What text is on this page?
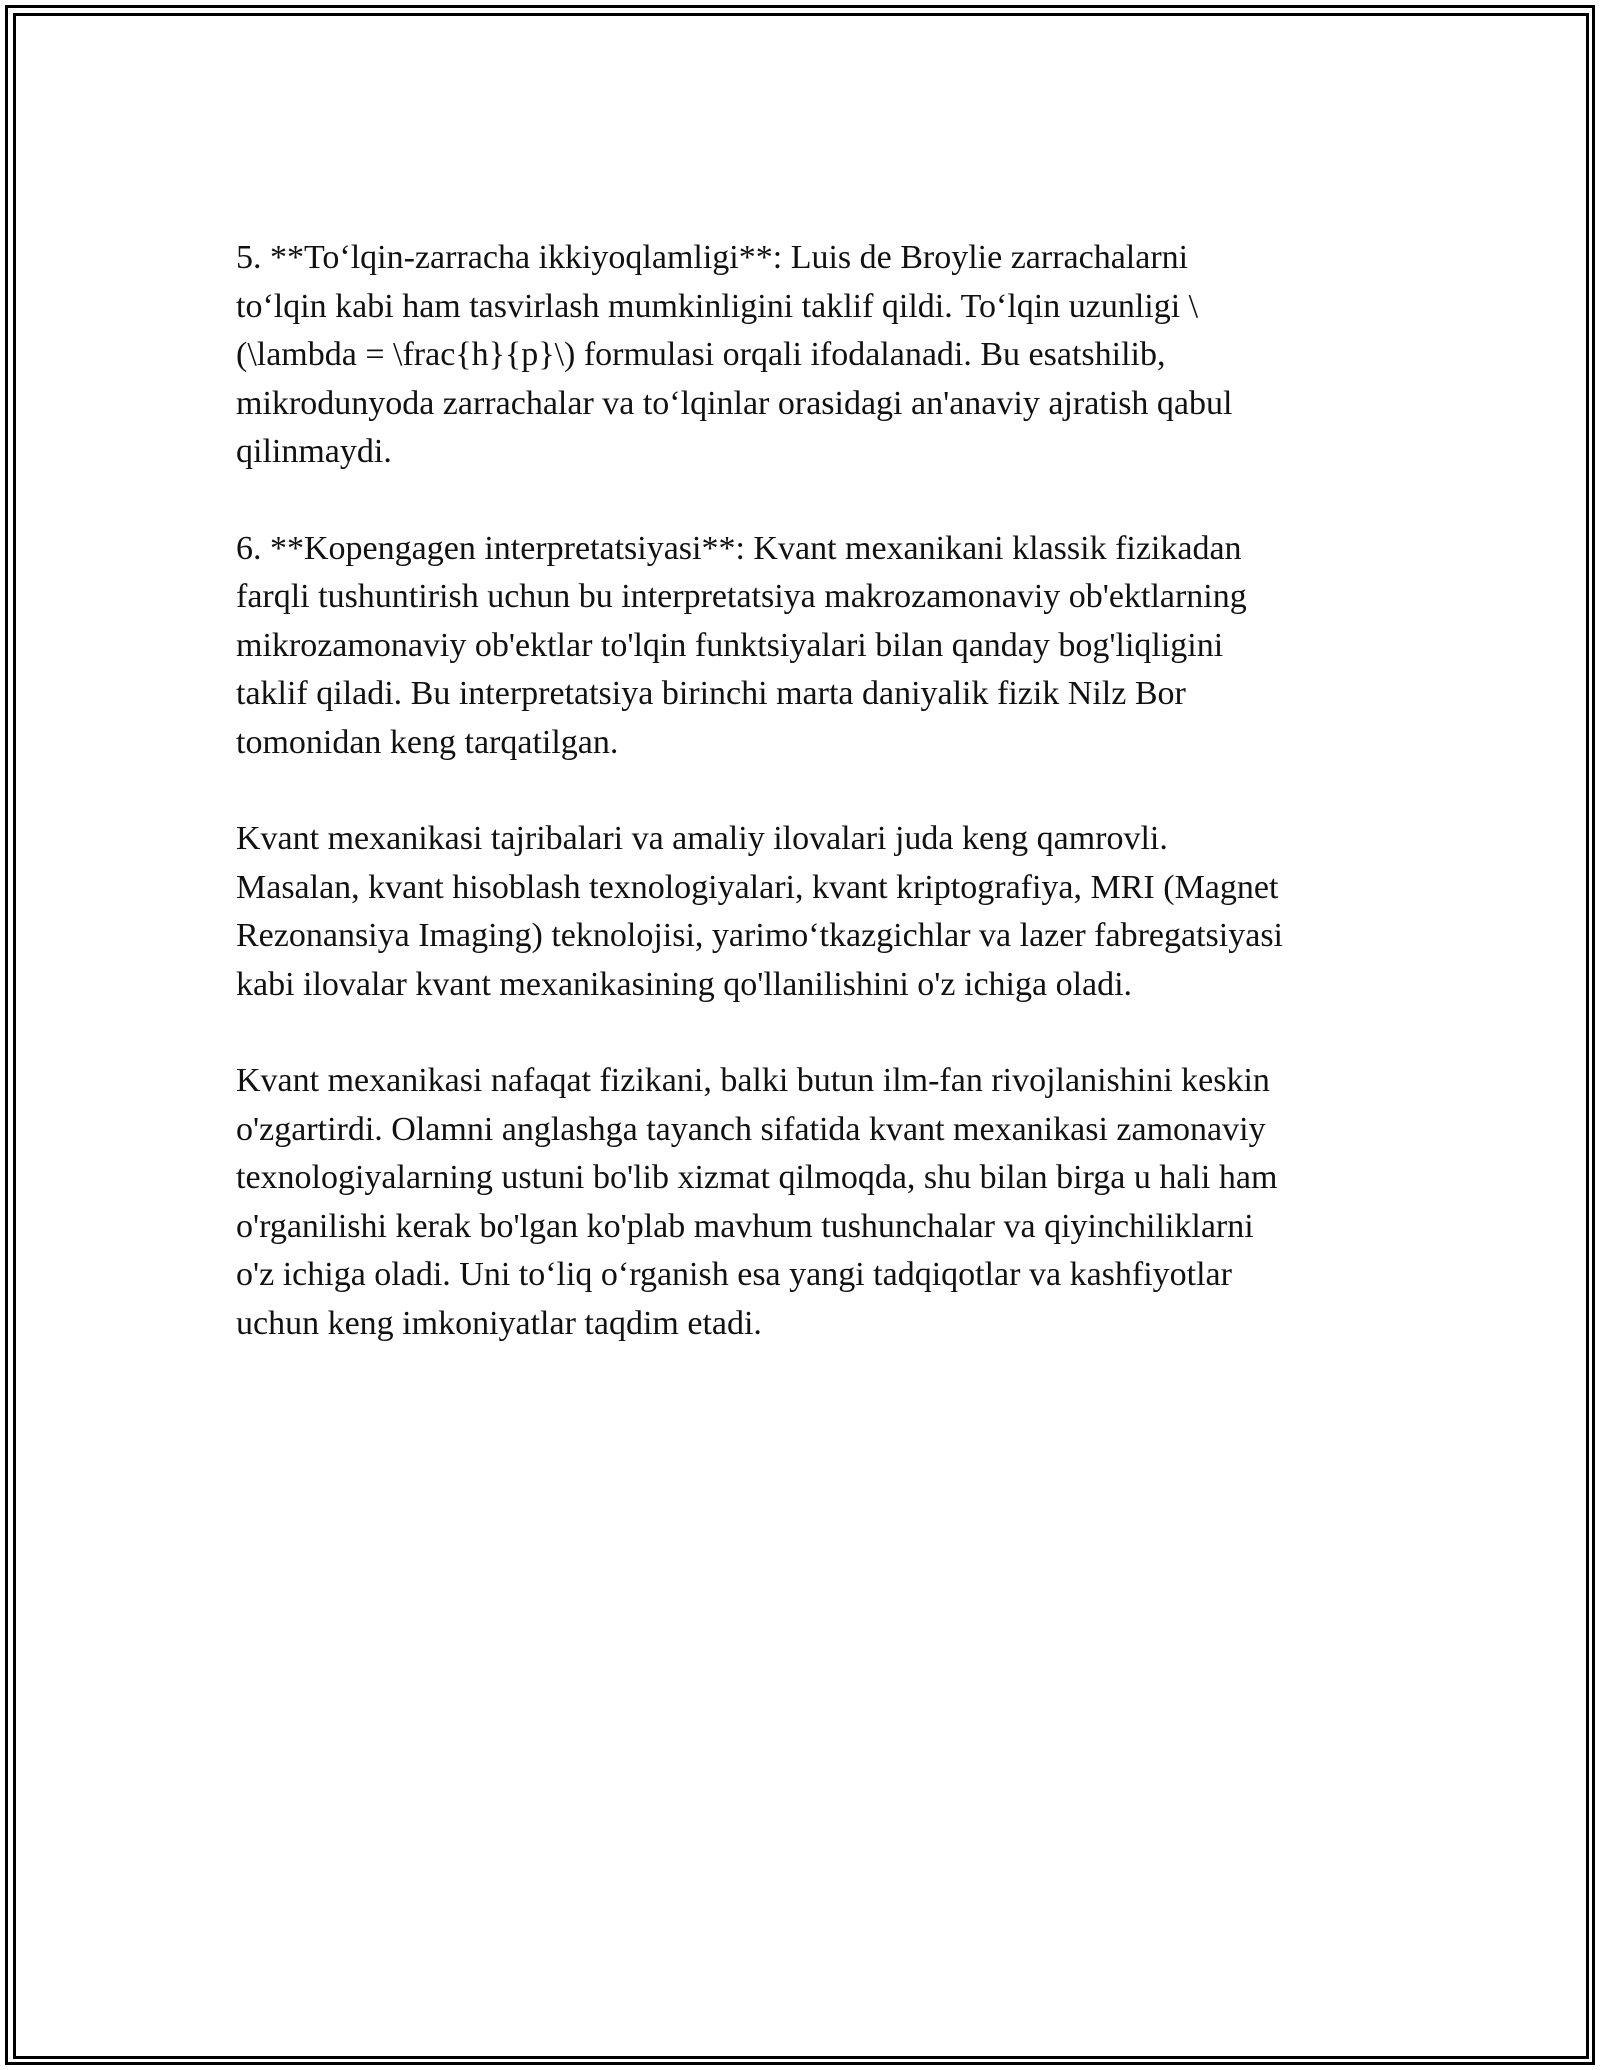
5. **To‘lqin-zarracha ikkiyoqlamligi**: Luis de Broylie zarrachalarni
to‘lqin kabi ham tasvirlash mumkinligini taklif qildi. To‘lqin uzunligi \
(\lambda = \frac{h}{p}\) formulasi orqali ifodalanadi. Bu esatshilib,
mikrodunyoda zarrachalar va to‘lqinlar orasidagi an'anaviy ajratish qabul
qilinmaydi.

6. **Kopengagen interpretatsiyasi**: Kvant mexanikani klassik fizikadan
farqli tushuntirish uchun bu interpretatsiya makrozamonaviy ob'ektlarning
mikrozamonaviy ob'ektlar to'lqin funktsiyalari bilan qanday bog'liqligini
taklif qiladi. Bu interpretatsiya birinchi marta daniyalik fizik Nilz Bor
tomonidan keng tarqatilgan.

Kvant mexanikasi tajribalari va amaliy ilovalari juda keng qamrovli.
Masalan, kvant hisoblash texnologiyalari, kvant kriptografiya, MRI (Magnet
Rezonansiya Imaging) teknolojisi, yarimo‘tkazgichlar va lazer fabregatsiyasi
kabi ilovalar kvant mexanikasining qo'llanilishini o'z ichiga oladi.

Kvant mexanikasi nafaqat fizikani, balki butun ilm-fan rivojlanishini keskin
o'zgartirdi. Olamni anglashga tayanch sifatida kvant mexanikasi zamonaviy
texnologiyalarning ustuni bo'lib xizmat qilmoqda, shu bilan birga u hali ham
o'rganilishi kerak bo'lgan ko'plab mavhum tushunchalar va qiyinchiliklarni
o'z ichiga oladi. Uni to‘liq o‘rganish esa yangi tadqiqotlar va kashfiyotlar
uchun keng imkoniyatlar taqdim etadi.
